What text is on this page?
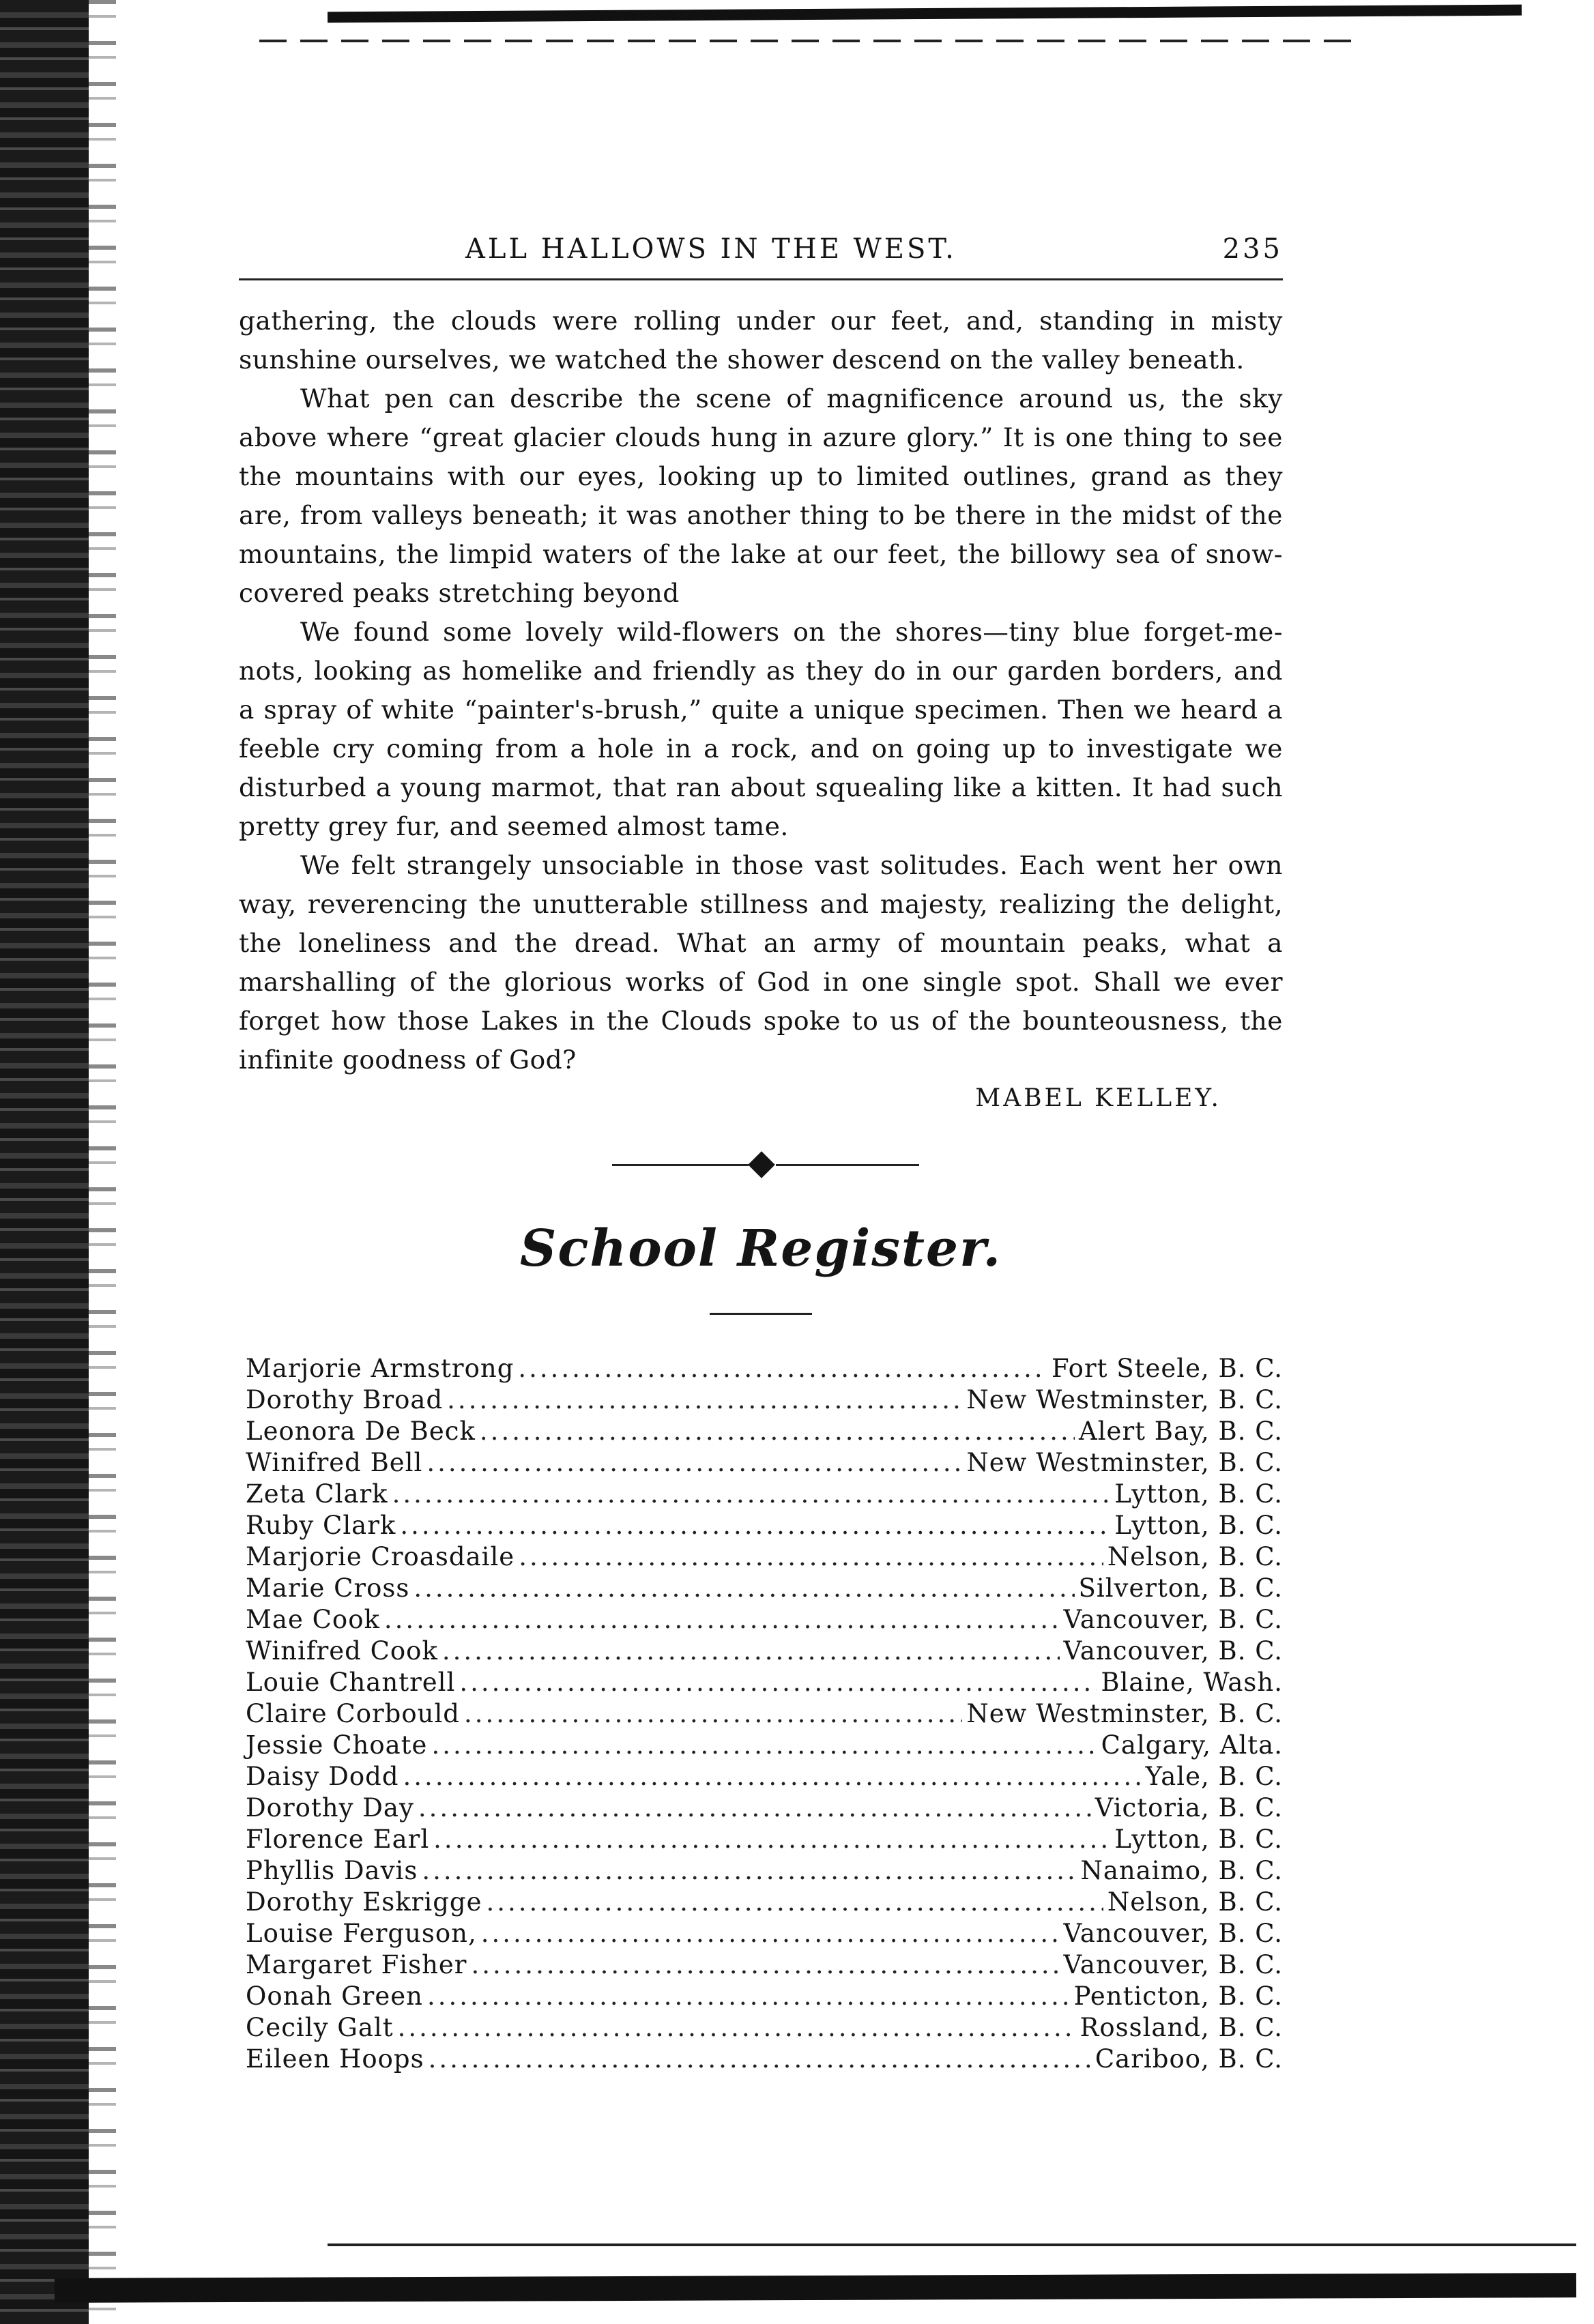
ALL HALLOWS IN THE WEST.	235

gathering, the clouds were rolling under our feet, and, standing in misty sunshine ourselves, we watched the shower descend on the valley beneath.

What pen can describe the scene of magnificence around us, the sky above where “great glacier clouds hung in azure glory.” It is one thing to see the mountains with our eyes, looking up to limited outlines, grand as they are, from valleys beneath; it was another thing to be there in the midst of the mountains, the limpid waters of the lake at our feet, the billowy sea of snow-covered peaks stretching beyond

We found some lovely wild-flowers on the shores—tiny blue forget-me-nots, looking as homelike and friendly as they do in our garden borders, and a spray of white “painter's-brush,” quite a unique specimen. Then we heard a feeble cry coming from a hole in a rock, and on going up to investigate we disturbed a young marmot, that ran about squealing like a kitten. It had such pretty grey fur, and seemed almost tame.

We felt strangely unsociable in those vast solitudes. Each went her own way, reverencing the unutterable stillness and majesty, realizing the delight, the loneliness and the dread. What an army of mountain peaks, what a marshalling of the glorious works of God in one single spot. Shall we ever forget how those Lakes in the Clouds spoke to us of the bounteousness, the infinite goodness of God?

MABEL KELLEY.
School Register.
Marjorie Armstrong .....	Fort Steele, B. C.
Dorothy Broad .....	New Westminster, B. C.
Leonora De Beck .....	Alert Bay, B. C.
Winifred Bell .....	New Westminster, B. C.
Zeta Clark .....	Lytton, B. C.
Ruby Clark .....	Lytton, B. C.
Marjorie Croasdaile .....	Nelson, B. C.
Marie Cross .....	Silverton, B. C.
Mae Cook .....	Vancouver, B. C.
Winifred Cook .....	Vancouver, B. C.
Louie Chantrell .....	Blaine, Wash.
Claire Corbould .....	New Westminster, B. C.
Jessie Choate .....	Calgary, Alta.
Daisy Dodd .....	Yale, B. C.
Dorothy Day .....	Victoria, B. C.
Florence Earl .....	Lytton, B. C.
Phyllis Davis .....	Nanaimo, B. C.
Dorothy Eskrigge .....	Nelson, B. C.
Louise Ferguson, .....	Vancouver, B. C.
Margaret Fisher .....	Vancouver, B. C.
Oonah Green .....	Penticton, B. C.
Cecily Galt .....	Rossland, B. C.
Eileen Hoops .....	Cariboo, B. C.
